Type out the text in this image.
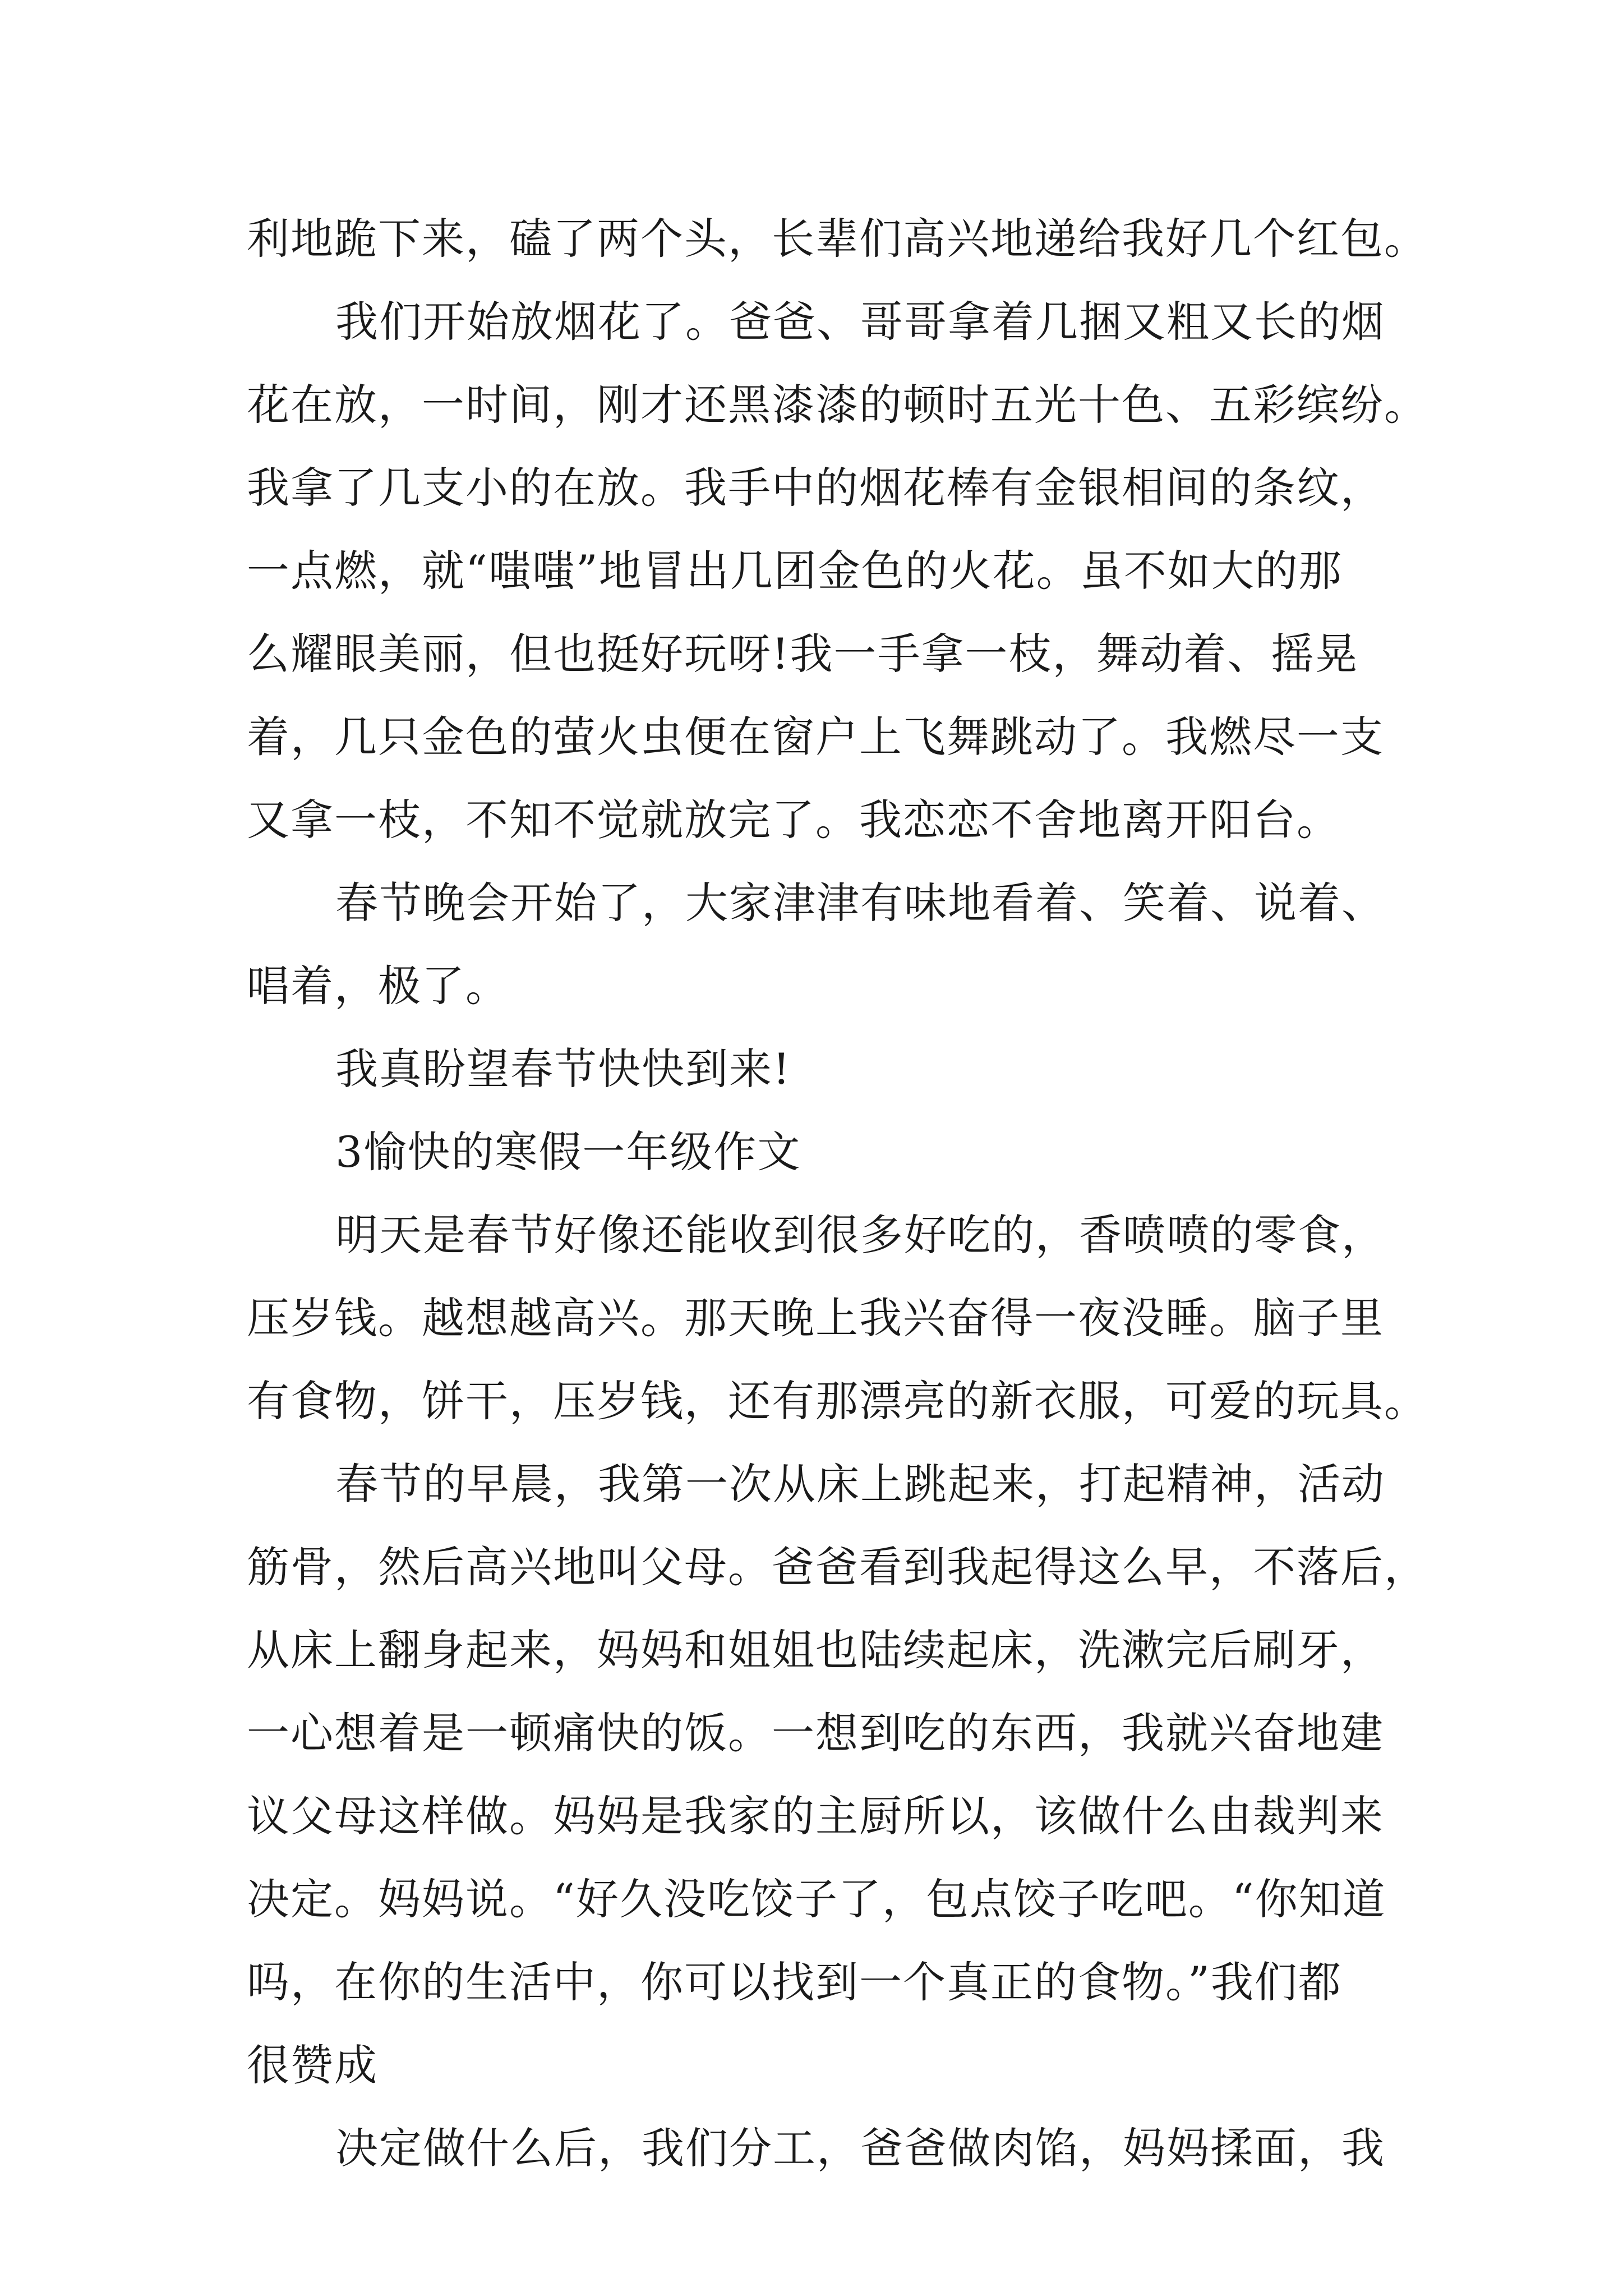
利地跪下来，磕了两个头，长辈们高兴地递给我好几个红包。
我们开始放烟花了。爸爸、哥哥拿着几捆又粗又长的烟
花在放，一时间，刚才还黑漆漆的顿时五光十色、五彩缤纷。
我拿了几支小的在放。我手中的烟花棒有金银相间的条纹，
一点燃，就“嗤嗤”地冒出几团金色的火花。虽不如大的那
么耀眼美丽，但也挺好玩呀!我一手拿一枝，舞动着、摇晃
着，几只金色的萤火虫便在窗户上飞舞跳动了。我燃尽一支
又拿一枝，不知不觉就放完了。我恋恋不舍地离开阳台。
春节晚会开始了，大家津津有味地看着、笑着、说着、
唱着，极了。
我真盼望春节快快到来!
3愉快的寒假一年级作文
明天是春节好像还能收到很多好吃的，香喷喷的零食，
压岁钱。越想越高兴。那天晚上我兴奋得一夜没睡。脑子里
有食物，饼干，压岁钱，还有那漂亮的新衣服，可爱的玩具。
春节的早晨，我第一次从床上跳起来，打起精神，活动
筋骨，然后高兴地叫父母。爸爸看到我起得这么早，不落后，
从床上翻身起来，妈妈和姐姐也陆续起床，洗漱完后刷牙，
一心想着是一顿痛快的饭。一想到吃的东西，我就兴奋地建
议父母这样做。妈妈是我家的主厨所以，该做什么由裁判来
决定。妈妈说。“好久没吃饺子了，包点饺子吃吧。“你知道
吗，在你的生活中，你可以找到一个真正的食物。”我们都
很赞成
决定做什么后，我们分工，爸爸做肉馅，妈妈揉面，我
